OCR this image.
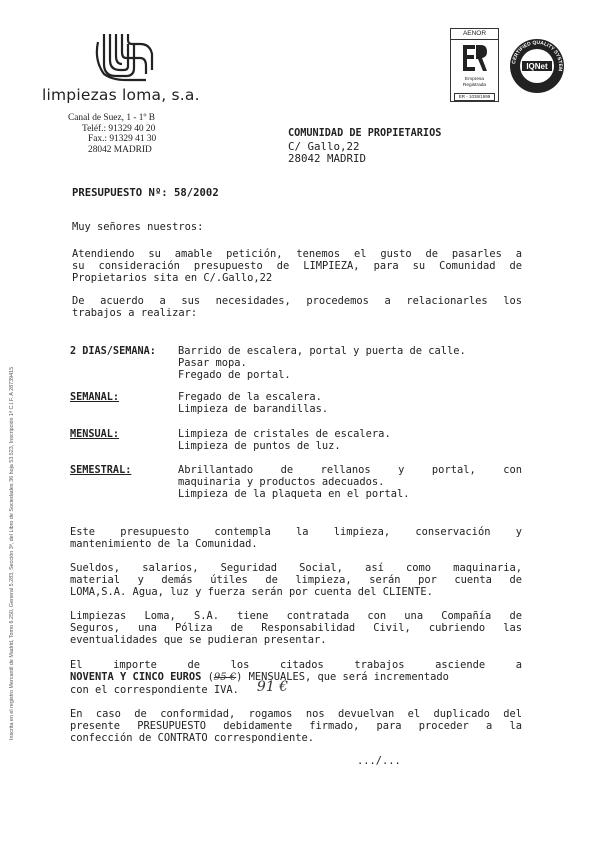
limpiezas loma, s.a.
Canal de Suez, 1 - 1º B
Teléf.: 91329 40 20
Fax.: 91329 41 30
28042 MADRID
AENOR
Empresa
Registrada
ER - 1038/1999
CERTIFIED QUALITY SYSTEM
IQNet
Inscrita en el registro Mercantil de Madrid, Tomo 6.250, General 5.283, Sección 3ª, del Libro de Sociedades 36 hoja 53.523, Inscripción 1ª C.I.F. A 28739415
COMUNIDAD DE PROPIETARIOS
C/ Gallo,22
28042 MADRID
PRESUPUESTO Nº: 58/2002
Muy señores nuestros:
Atendiendo su amable petición, tenemos el gusto de pasarles a
su consideración presupuesto de LIMPIEZA, para su Comunidad de
Propietarios sita en C/.Gallo,22
De acuerdo a sus necesidades, procedemos a relacionarles los
trabajos a realizar:
2 DIAS/SEMANA: Barrido de escalera, portal y puerta de calle.
Pasar mopa.
Fregado de portal.
SEMANAL:	Fregado de la escalera.
Limpieza de barandillas.
MENSUAL:	Limpieza de cristales de escalera.
Limpieza de puntos de luz.
SEMESTRAL:	Abrillantado de rellanos y portal, con
maquinaria y productos adecuados.
Limpieza de la plaqueta en el portal.
Este presupuesto contempla la limpieza, conservación y
mantenimiento de la Comunidad.
Sueldos, salarios, Seguridad Social, así como maquinaria,
material y demás útiles de limpieza, serán por cuenta de
LOMA,S.A. Agua, luz y fuerza serán por cuenta del CLIENTE.
Limpiezas Loma, S.A. tiene contratada con una Compañía de
Seguros, una Póliza de Responsabilidad Civil, cubriendo las
eventualidades que se pudieran presentar.
El importe de los citados trabajos asciende a
NOVENTA Y CINCO EUROS (95 €) MENSUALES, que será incrementado
con el correspondiente IVA. 91 €
En caso de conformidad, rogamos nos devuelvan el duplicado del
presente PRESUPUESTO debidamente firmado, para proceder a la
confección de CONTRATO correspondiente.
.../...
